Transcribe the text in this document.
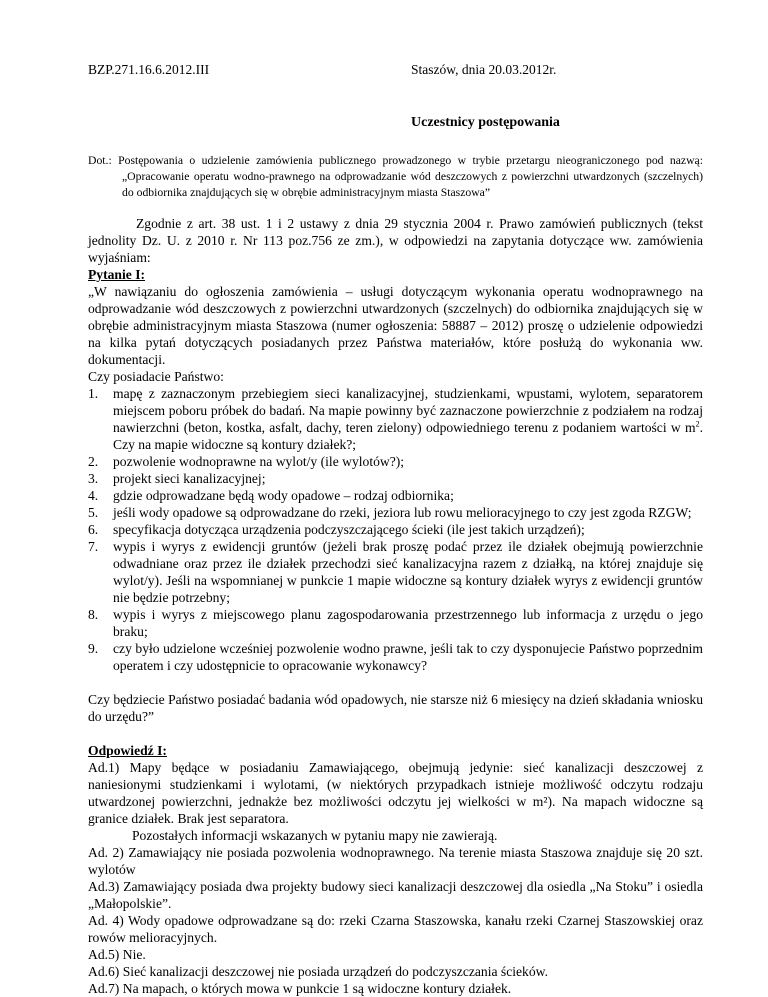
BZP.271.16.6.2012.III	Staszów, dnia 20.03.2012r.
Uczestnicy postępowania
Dot.: Postępowania o udzielenie zamówienia publicznego prowadzonego w trybie przetargu nieograniczonego pod nazwą: „Opracowanie operatu wodno-prawnego na odprowadzanie wód deszczowych z powierzchni utwardzonych (szczelnych) do odbiornika znajdujących się w obrębie administracyjnym miasta Staszowa”

Zgodnie z art. 38 ust. 1 i 2 ustawy z dnia 29 stycznia 2004 r. Prawo zamówień publicznych (tekst jednolity Dz. U. z 2010 r. Nr 113 poz.756 ze zm.), w odpowiedzi na zapytania dotyczące ww. zamówienia wyjaśniam:

Pytanie I:

„W nawiązaniu do ogłoszenia zamówienia – usługi dotyczącym wykonania operatu wodnoprawnego na odprowadzanie wód deszczowych z powierzchni utwardzonych (szczelnych) do odbiornika znajdujących się w obrębie administracyjnym miasta Staszowa (numer ogłoszenia: 58887 – 2012) proszę o udzielenie odpowiedzi na kilka pytań dotyczących posiadanych przez Państwa materiałów, które posłużą do wykonania ww. dokumentacji.

Czy posiadacie Państwo:

1. mapę z zaznaczonym przebiegiem sieci kanalizacyjnej, studzienkami, wpustami, wylotem, separatorem miejscem poboru próbek do badań. Na mapie powinny być zaznaczone powierzchnie z podziałem na rodzaj nawierzchni (beton, kostka, asfalt, dachy, teren zielony) odpowiedniego terenu z podaniem wartości w $m^2$. Czy na mapie widoczne są kontury działek?;
2. pozwolenie wodnoprawne na wylot/y (ile wylotów?);
3. projekt sieci kanalizacyjnej;
4. gdzie odprowadzane będą wody opadowe – rodzaj odbiornika;
5. jeśli wody opadowe są odprowadzane do rzeki, jeziora lub rowu melioracyjnego to czy jest zgoda RZGW;
6. specyfikacja dotycząca urządzenia podczyszczającego ścieki (ile jest takich urządzeń);
7. wypis i wyrys z ewidencji gruntów (jeżeli brak proszę podać przez ile działek obejmują powierzchnie odwadniane oraz przez ile działek przechodzi sieć kanalizacyjna razem z działką, na której znajduje się wylot/y). Jeśli na wspomnianej w punkcie 1 mapie widoczne są kontury działek wyrys z ewidencji gruntów nie będzie potrzebny;
8. wypis i wyrys z miejscowego planu zagospodarowania przestrzennego lub informacja z urzędu o jego braku;
9. czy było udzielone wcześniej pozwolenie wodno prawne, jeśli tak to czy dysponujecie Państwo poprzednim operatem i czy udostępnicie to opracowanie wykonawcy?

Czy będziecie Państwo posiadać badania wód opadowych, nie starsze niż 6 miesięcy na dzień składania wniosku do urzędu?”

Odpowiedź I:

Ad.1) Mapy będące w posiadaniu Zamawiającego, obejmują jedynie: sieć kanalizacji deszczowej z naniesionymi studzienkami i wylotami, (w niektórych przypadkach istnieje możliwość odczytu rodzaju utwardzonej powierzchni, jednakże bez możliwości odczytu jej wielkości w m²). Na mapach widoczne są granice działek. Brak jest separatora.
Pozostałych informacji wskazanych w pytaniu mapy nie zawierają.
Ad. 2) Zamawiający nie posiada pozwolenia wodnoprawnego. Na terenie miasta Staszowa znajduje się 20 szt. wylotów
Ad.3) Zamawiający posiada dwa projekty budowy sieci kanalizacji deszczowej dla osiedla „Na Stoku” i osiedla „Małopolskie”.
Ad. 4) Wody opadowe odprowadzane są do: rzeki Czarna Staszowska, kanału rzeki Czarnej Staszowskiej oraz rowów melioracyjnych.
Ad.5) Nie.
Ad.6) Sieć kanalizacji deszczowej nie posiada urządzeń do podczyszczania ścieków.
Ad.7) Na mapach, o których mowa w punkcie 1 są widoczne kontury działek.
